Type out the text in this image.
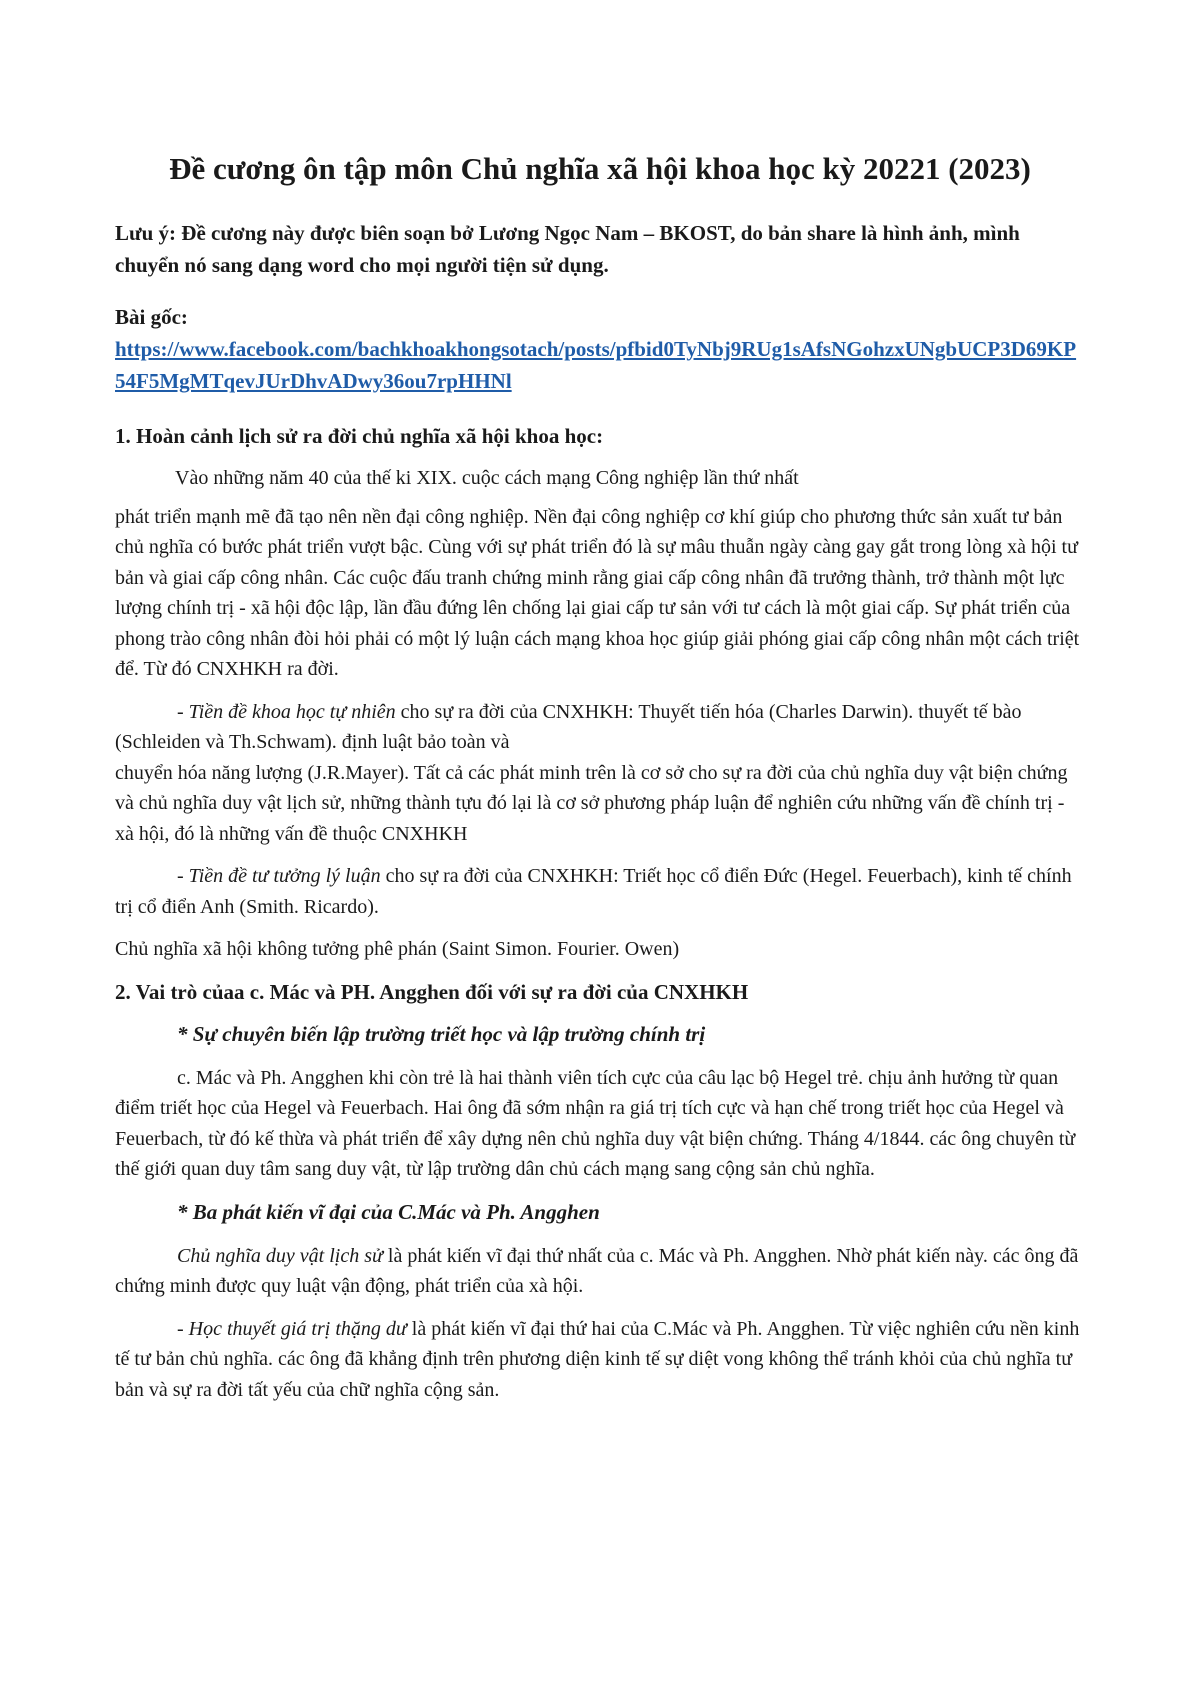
Đề cương ôn tập môn Chủ nghĩa xã hội khoa học kỳ 20221 (2023)
Lưu ý: Đề cương này được biên soạn bở Lương Ngọc Nam – BKOST, do bản share là hình ảnh, mình chuyển nó sang dạng word cho mọi người tiện sử dụng.
Bài gốc:
https://www.facebook.com/bachkhoakhongsotach/posts/pfbid0TyNbj9RUg1sAfsNGohzxUNgbUCP3D69KP54F5MgMTqevJUrDhvADwy36ou7rpHHNl
1. Hoàn cảnh lịch sử ra đời chủ nghĩa xã hội khoa học:
Vào những năm 40 của thế ki XIX. cuộc cách mạng Công nghiệp lần thứ nhất
phát triển mạnh mẽ đã tạo nên nền đại công nghiệp. Nền đại công nghiệp cơ khí giúp cho phương thức sản xuất tư bản chủ nghĩa có bước phát triển vượt bậc. Cùng với sự phát triển đó là sự mâu thuẫn ngày càng gay gắt trong lòng xà hội tư bản và giai cấp công nhân. Các cuộc đấu tranh chứng minh rằng giai cấp công nhân đã trưởng thành, trở thành một lực lượng chính trị - xã hội độc lập, lần đầu đứng lên chống lại giai cấp tư sản với tư cách là một giai cấp. Sự phát triển của phong trào công nhân đòi hỏi phải có một lý luận cách mạng khoa học giúp giải phóng giai cấp công nhân một cách triệt để. Từ đó CNXHKH ra đời.
- Tiền đề khoa học tự nhiên cho sự ra đời của CNXHKH: Thuyết tiến hóa (Charles Darwin). thuyết tế bào (Schleiden và Th.Schwam). định luật bảo toàn và
chuyển hóa năng lượng (J.R.Mayer). Tất cả các phát minh trên là cơ sở cho sự ra đời của chủ nghĩa duy vật biện chứng và chủ nghĩa duy vật lịch sử, những thành tựu đó lại là cơ sở phương pháp luận để nghiên cứu những vấn đề chính trị - xà hội, đó là những vấn đề thuộc CNXHKH
- Tiền đề tư tưởng lý luận cho sự ra đời của CNXHKH: Triết học cổ điển Đức (Hegel. Feuerbach), kinh tế chính trị cổ điển Anh (Smith. Ricardo).
Chủ nghĩa xã hội không tưởng phê phán (Saint Simon. Fourier. Owen)
2. Vai trò củaa c. Mác và PH. Angghen đối với sự ra đời của CNXHKH
* Sự chuyên biến lập trường triết học và lập trường chính trị
c. Mác và Ph. Angghen khi còn trẻ là hai thành viên tích cực của câu lạc bộ Hegel trẻ. chịu ảnh hưởng từ quan điểm triết học của Hegel và Feuerbach. Hai ông đã sớm nhận ra giá trị tích cực và hạn chế trong triết học của Hegel và Feuerbach, từ đó kế thừa và phát triển để xây dựng nên chủ nghĩa duy vật biện chứng. Tháng 4/1844. các ông chuyên từ thế giới quan duy tâm sang duy vật, từ lập trường dân chủ cách mạng sang cộng sản chủ nghĩa.
* Ba phát kiến vĩ đại của C.Mác và Ph. Angghen
Chủ nghĩa duy vật lịch sử là phát kiến vĩ đại thứ nhất của c. Mác và Ph. Angghen. Nhờ phát kiến này. các ông đã chứng minh được quy luật vận động, phát triển của xà hội.
- Học thuyết giá trị thặng dư là phát kiến vĩ đại thứ hai của C.Mác và Ph. Angghen. Từ việc nghiên cứu nền kinh tế tư bản chủ nghĩa. các ông đã khẳng định trên phương diện kinh tế sự diệt vong không thể tránh khỏi của chủ nghĩa tư bản và sự ra đời tất yếu của chữ nghĩa cộng sản.
